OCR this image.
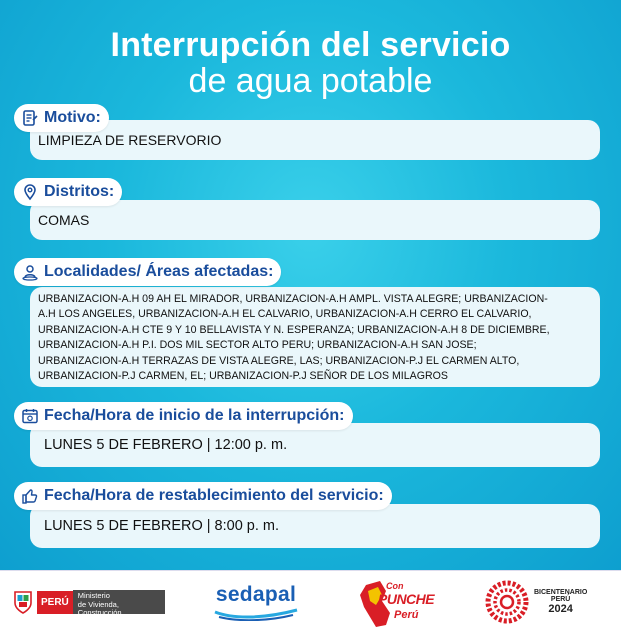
Interrupción del servicio
de agua potable
Motivo:
LIMPIEZA DE RESERVORIO
Distritos:
COMAS
Localidades/ Áreas afectadas:
URBANIZACION-A.H 09 AH EL MIRADOR, URBANIZACION-A.H AMPL. VISTA ALEGRE; URBANIZACION-
A.H LOS ANGELES, URBANIZACION-A.H EL CALVARIO, URBANIZACION-A.H CERRO EL CALVARIO,
URBANIZACION-A.H CTE 9 Y 10 BELLAVISTA Y N. ESPERANZA; URBANIZACION-A.H 8 DE DICIEMBRE,
URBANIZACION-A.H P.I. DOS MIL SECTOR ALTO PERU; URBANIZACION-A.H SAN JOSE;
URBANIZACION-A.H TERRAZAS DE VISTA ALEGRE, LAS; URBANIZACION-P.J EL CARMEN ALTO,
URBANIZACION-P.J CARMEN, EL; URBANIZACION-P.J SEÑOR DE LOS MILAGROS
Fecha/Hora de inicio de la interrupción:
LUNES 5 DE FEBRERO | 12:00 p. m.
Fecha/Hora de restablecimiento del servicio:
LUNES 5 DE FEBRERO | 8:00 p. m.
PERÚ
Ministerio
de Vivienda, Construcción
y Saneamiento
sedapal	Con
PUNCHE
Perú
BICENTENARIO
PERÚ
2024
